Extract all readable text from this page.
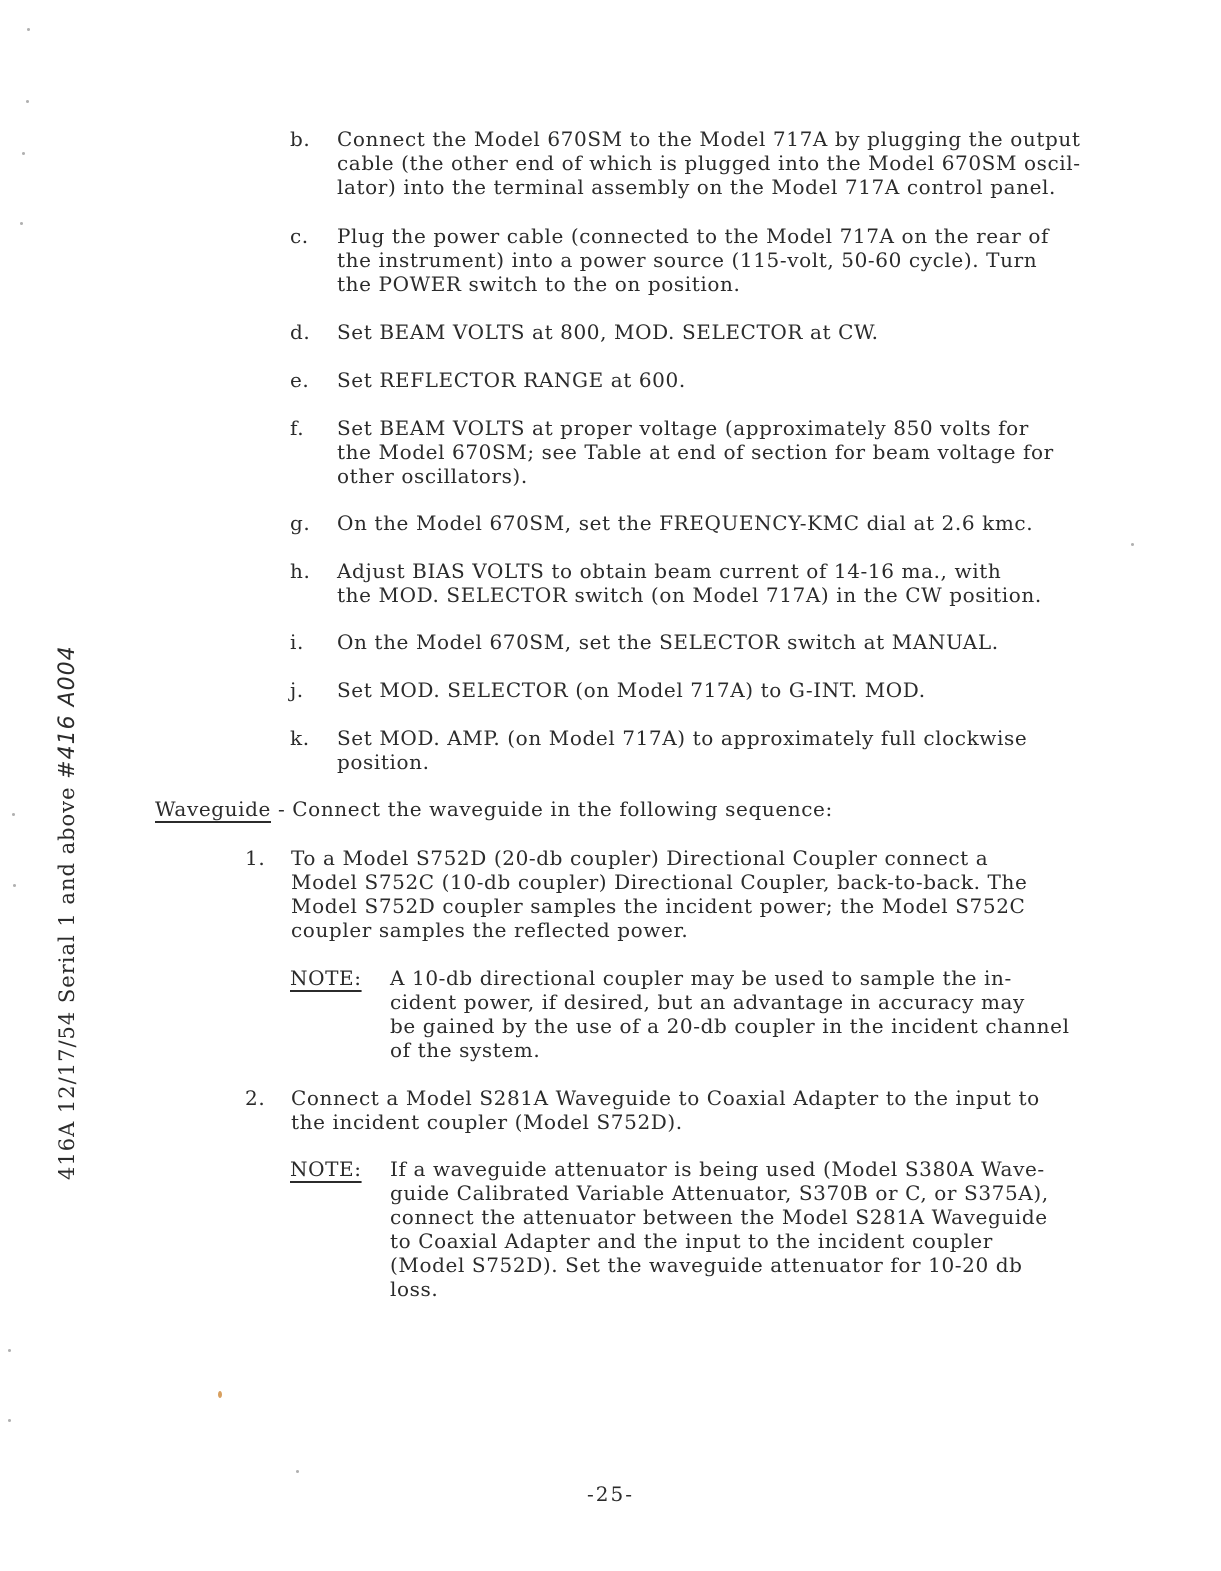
b.	Connect the Model 670SM to the Model 717A by plugging the output
cable (the other end of which is plugged into the Model 670SM oscil-
lator) into the terminal assembly on the Model 717A control panel.
c.	Plug the power cable (connected to the Model 717A on the rear of
the instrument) into a power source (115-volt, 50-60 cycle). Turn
the POWER switch to the on position.
d.	Set BEAM VOLTS at 800, MOD. SELECTOR at CW.
e.	Set REFLECTOR RANGE at 600.
f.	Set BEAM VOLTS at proper voltage (approximately 850 volts for
the Model 670SM; see Table at end of section for beam voltage for
other oscillators).
g.	On the Model 670SM, set the FREQUENCY-KMC dial at 2.6 kmc.
h.	Adjust BIAS VOLTS to obtain beam current of 14-16 ma., with
the MOD. SELECTOR switch (on Model 717A) in the CW position.
i.	On the Model 670SM, set the SELECTOR switch at MANUAL.
j.	Set MOD. SELECTOR (on Model 717A) to G-INT. MOD.
k.	Set MOD. AMP. (on Model 717A) to approximately full clockwise
position.
Waveguide - Connect the waveguide in the following sequence:
1. To a Model S752D (20-db coupler) Directional Coupler connect a
Model S752C (10-db coupler) Directional Coupler, back-to-back. The
Model S752D coupler samples the incident power; the Model S752C
coupler samples the reflected power.
NOTE: A 10-db directional coupler may be used to sample the in-
cident power, if desired, but an advantage in accuracy may
be gained by the use of a 20-db coupler in the incident channel
of the system.
2. Connect a Model S281A Waveguide to Coaxial Adapter to the input to
the incident coupler (Model S752D).
NOTE: If a waveguide attenuator is being used (Model S380A Wave-
guide Calibrated Variable Attenuator, S370B or C, or S375A),
connect the attenuator between the Model S281A Waveguide
to Coaxial Adapter and the input to the incident coupler
(Model S752D). Set the waveguide attenuator for 10-20 db
loss.
416A 12/17/54 Serial 1 and above #416 A004
-25-
